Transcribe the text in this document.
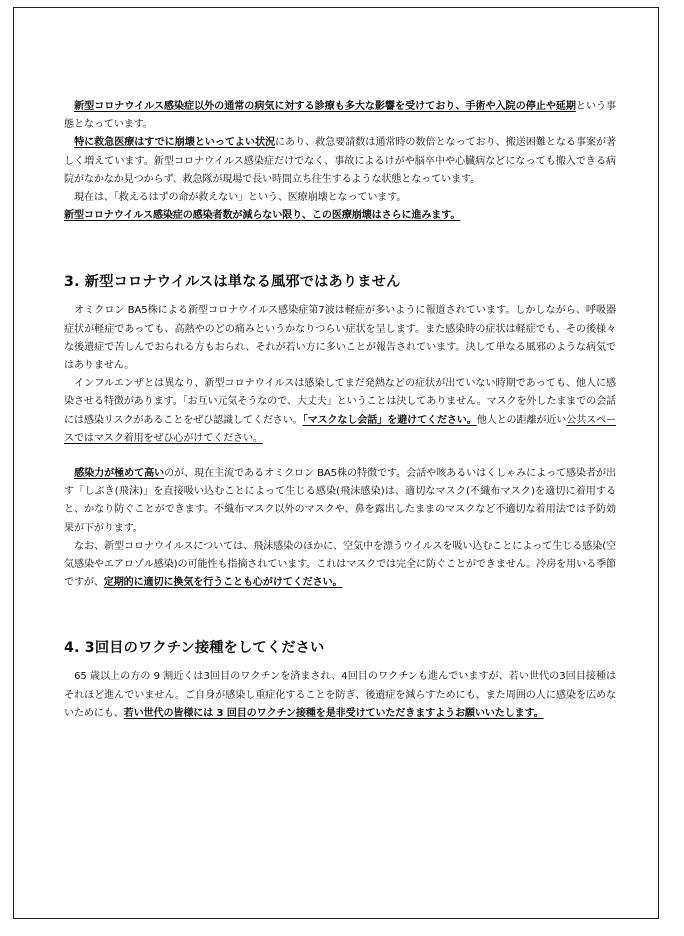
新型コロナウイルス感染症以外の通常の病気に対する診療も多大な影響を受けており、手術や入院の停止や延期という事態となっています。

特に救急医療はすでに崩壊といってよい状況にあり、救急要請数は通常時の数倍となっており、搬送困難となる事案が著しく増えています。新型コロナウイルス感染症だけでなく、事故によるけがや脳卒中や心臓病などになっても搬入できる病院がなかなか見つからず、救急隊が現場で長い時間立ち往生するような状態となっています。

現在は、「救えるはずの命が救えない」という、医療崩壊となっています。

新型コロナウイルス感染症の感染者数が減らない限り、この医療崩壊はさらに進みます。

3. 新型コロナウイルスは単なる風邪ではありません

オミクロン BA5株による新型コロナウイルス感染症第7波は軽症が多いように報道されています。しかしながら、呼吸器症状が軽症であっても、高熱やのどの痛みというかなりつらい症状を呈します。また感染時の症状は軽症でも、その後様々な後遺症で苦しんでおられる方もおられ、それが若い方に多いことが報告されています。決して単なる風邪のような病気ではありません。

インフルエンザとは異なり、新型コロナウイルスは感染してまだ発熱などの症状が出ていない時期であっても、他人に感染させる特徴があります。「お互い元気そうなので、大丈夫」ということは決してありません。マスクを外したままでの会話には感染リスクがあることをぜひ認識してください。「マスクなし会話」を避けてください。他人との距離が近い公共スペースではマスク着用をぜひ心がけてください。

感染力が極めて高いのが、現在主流であるオミクロン BA5株の特徴です。会話や咳あるいはくしゃみによって感染者が出す「しぶき(飛沫)」を直接吸い込むことによって生じる感染(飛沫感染)は、適切なマスク(不織布マスク)を適切に着用すると、かなり防ぐことができます。不織布マスク以外のマスクや、鼻を露出したままのマスクなど不適切な着用法では予防効果が下がります。

なお、新型コロナウイルスについては、飛沫感染のほかに、空気中を漂うウイルスを吸い込むことによって生じる感染(空気感染やエアロゾル感染)の可能性も指摘されています。これはマスクでは完全に防ぐことができません。冷房を用いる季節ですが、定期的に適切に換気を行うことも心がけてください。

4. 3回目のワクチン接種をしてください

65 歳以上の方の 9 割近くは3回目のワクチンを済まされ、4回目のワクチンも進んでいますが、若い世代の3回目接種はそれほど進んでいません。ご自身が感染し重症化することを防ぎ、後遺症を減らすためにも、また周囲の人に感染を広めないためにも、若い世代の皆様には 3 回目のワクチン接種を是非受けていただきますようお願いいたします。
